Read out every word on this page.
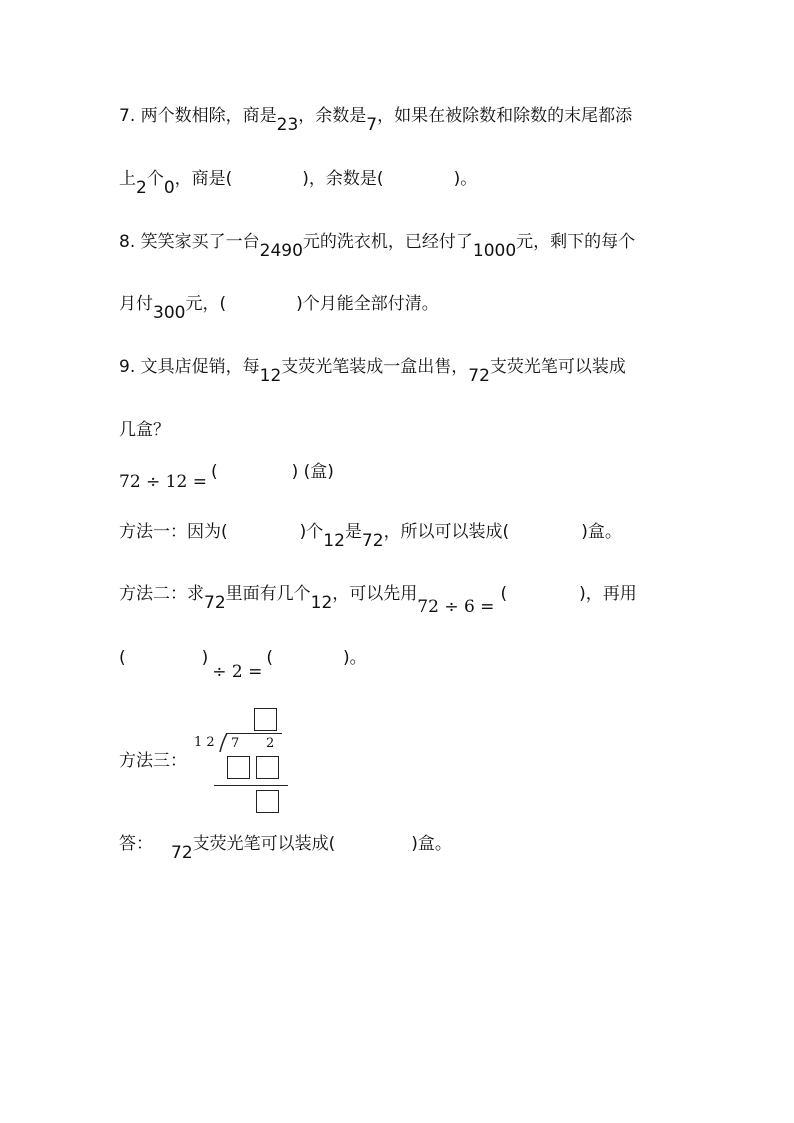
7. 两个数相除，商是23，余数是7，如果在被除数和除数的末尾都添
上2个0，商是(	)，余数是(	)。
8. 笑笑家买了一台2490元的洗衣机，已经付了1000元，剩下的每个
月付300元，(	)个月能全部付清。
9. 文具店促销，每12支荧光笔装成一盒出售，72支荧光笔可以装成
几盒？
72 ÷ 12 = (	) (盒)
方法一：因为(	)个12是72，所以可以装成(	)盒。
方法二：求72里面有几个12，可以先用72 ÷ 6 =(	)，再用
(	)÷ 2 =(	)。
方法三：
1 2 7 2
答： 72支荧光笔可以装成(	)盒。
